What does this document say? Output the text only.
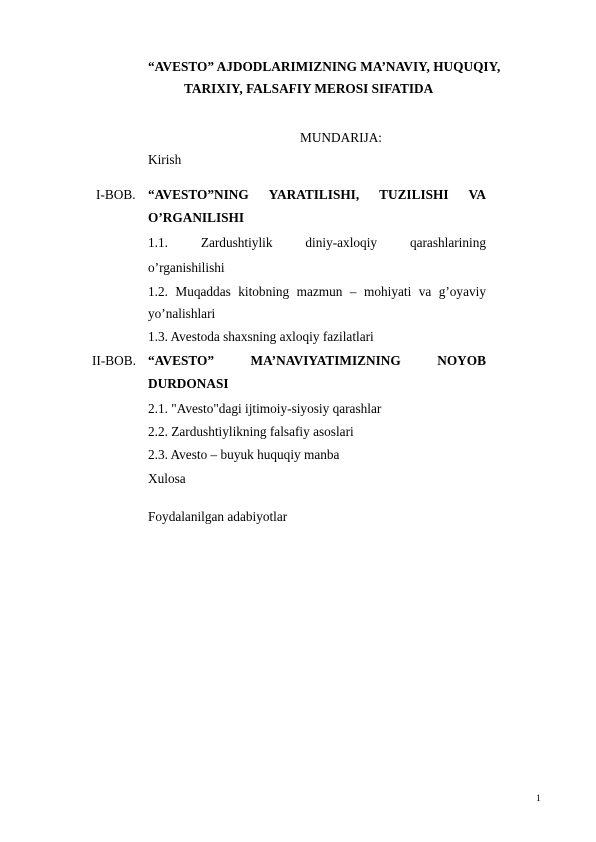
“AVESTO” AJDODLARIMIZNING MA’NAVIY, HUQUQIY,
TARIXIY, FALSAFIY MEROSI SIFATIDA
MUNDARIJA:
Kirish
I-BOB. “AVESTO”NING YARATILISHI, TUZILISHI VA
O’RGANILISHI
1.1. Zardushtiylik diniy-axloqiy qarashlarining
o’rganishilishi
1.2. Muqaddas kitobning mazmun – mohiyati va g’oyaviy
yo’nalishlari
1.3. Avestoda shaxsning axloqiy fazilatlari
II-BOB. “AVESTO”	MA’NAVIYATIMIZNING	NOYOB
DURDONASI
2.1. "Avesto"dagi ijtimoiy-siyosiy qarashlar
2.2. Zardushtiylikning falsafiy asoslari
2.3. Avesto – buyuk huquqiy manba
Xulosa
Foydalanilgan adabiyotlar
1
